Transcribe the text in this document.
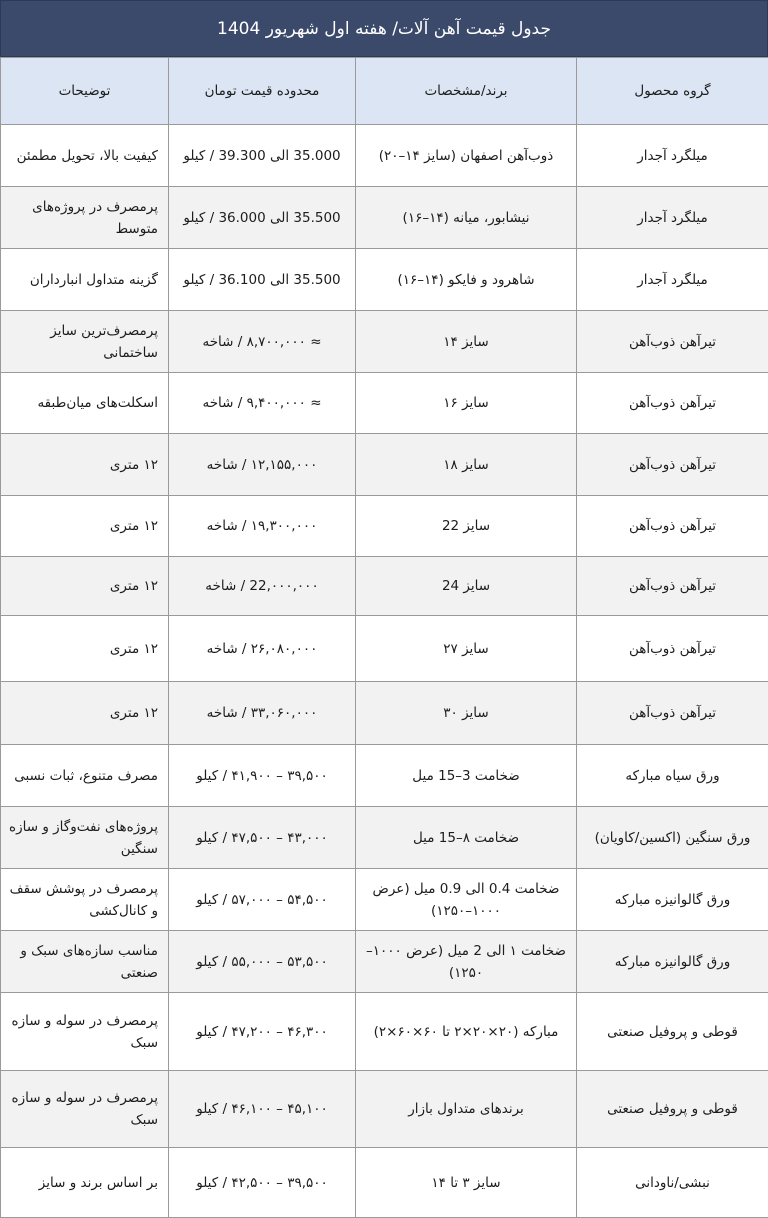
جدول قیمت آهن آلات/ هفته اول شهریور 1404
گروه محصول	برند/مشخصات	محدوده قیمت تومان	توضیحات
میلگرد آجدار	ذوب‌آهن اصفهان (سایز ۱۴–۲۰)	35.000 الی 39.300 / کیلو	کیفیت بالا، تحویل مطمئن
میلگرد آجدار	نیشابور، میانه (۱۴–۱۶)	35.500 الی 36.000 / کیلو	پرمصرف در پروژه‌های متوسط
میلگرد آجدار	شاهرود و فایکو (۱۴–۱۶)	35.500 الی 36.100 / کیلو	گزینه متداول انبارداران
تیرآهن ذوب‌آهن	سایز ۱۴	≈ ۸,۷۰۰,۰۰۰ / شاخه	پرمصرف‌ترین سایز ساختمانی
تیرآهن ذوب‌آهن	سایز ۱۶	≈ ۹,۴۰۰,۰۰۰ / شاخه	اسکلت‌های میان‌طبقه
تیرآهن ذوب‌آهن	سایز ۱۸	۱۲,۱۵۵,۰۰۰ / شاخه	۱۲ متری
تیرآهن ذوب‌آهن	سایز 22	۱۹,۳۰۰,۰۰۰ / شاخه	۱۲ متری
تیرآهن ذوب‌آهن	سایز 24	22,۰۰۰,۰۰۰ / شاخه	۱۲ متری
تیرآهن ذوب‌آهن	سایز ۲۷	۲۶,۰۸۰,۰۰۰ / شاخه	۱۲ متری
تیرآهن ذوب‌آهن	سایز ۳۰	۳۳,۰۶۰,۰۰۰ / شاخه	۱۲ متری
ورق سیاه مبارکه	ضخامت 3–15 میل	۳۹,۵۰۰ – ۴۱,۹۰۰ / کیلو	مصرف متنوع، ثبات نسبی
ورق سنگین (اکسین/کاویان)	ضخامت ۸–15 میل	۴۳,۰۰۰ – ۴۷,۵۰۰ / کیلو	پروژه‌های نفت‌وگاز و سازه سنگین
ورق گالوانیزه مبارکه	ضخامت 0.4 الی 0.9 میل (عرض ۱۰۰۰–۱۲۵۰)	۵۴,۵۰۰ – ۵۷,۰۰۰ / کیلو	پرمصرف در پوشش سقف و کانال‌کشی
ورق گالوانیزه مبارکه	ضخامت ۱ الی 2 میل (عرض ۱۰۰۰–۱۲۵۰)	۵۳,۵۰۰ – ۵۵,۰۰۰ / کیلو	مناسب سازه‌های سبک و صنعتی
قوطی و پروفیل صنعتی	مبارکه (۲۰×۲۰×۲ تا ۶۰×۶۰×۲)	۴۶,۳۰۰ – ۴۷,۲۰۰ / کیلو	پرمصرف در سوله و سازه سبک
قوطی و پروفیل صنعتی	برندهای متداول بازار	۴۵,۱۰۰ – ۴۶,۱۰۰ / کیلو	پرمصرف در سوله و سازه سبک
نبشی/ناودانی	سایز ۳ تا ۱۴	۳۹,۵۰۰ – ۴۲,۵۰۰ / کیلو	بر اساس برند و سایز
